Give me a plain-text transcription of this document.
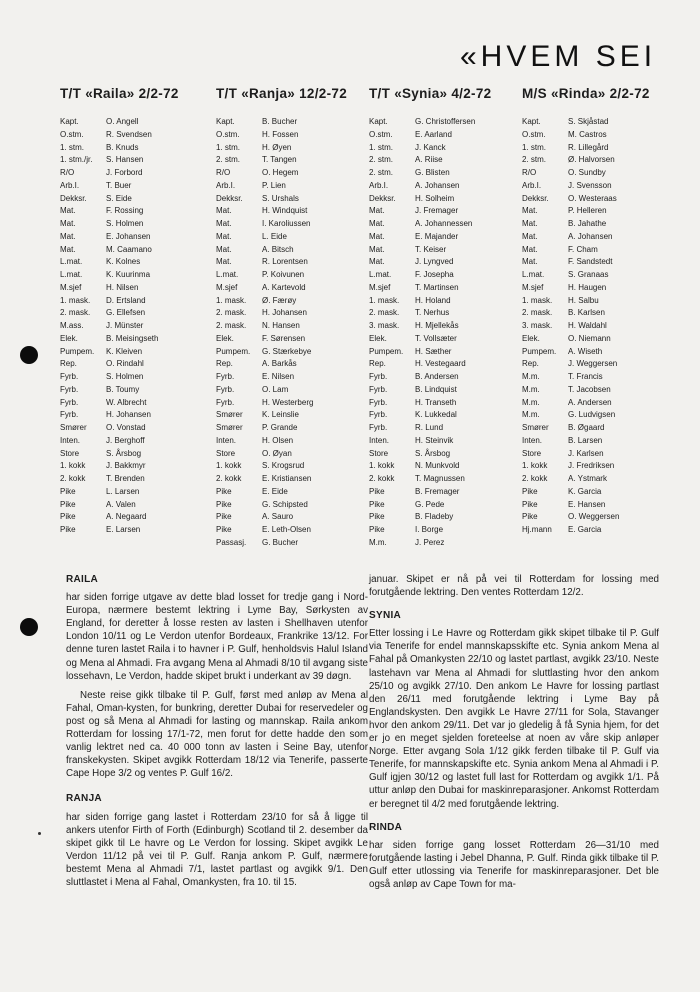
«HVEM SEI
T/T «Raila» 2/2-72
Kapt.	O. Angell
O.stm.	R. Svendsen
1. stm.	B. Knuds
1. stm./jr.	S. Hansen
R/O	J. Forbord
Arb.I.	T. Buer
Dekksr.	S. Eide
Mat.	F. Rossing
Mat.	S. Holmen
Mat.	E. Johansen
Mat.	M. Caamano
L.mat.	K. Kolnes
L.mat.	K. Kuurinma
M.sjef	H. Nilsen
1. mask.	D. Ertsland
2. mask.	G. Ellefsen
M.ass.	J. Münster
Elek.	B. Meisingseth
Pumpem.	K. Kleiven
Rep.	O. Rindahl
Fyrb.	S. Holmen
Fyrb.	B. Toumy
Fyrb.	W. Albrecht
Fyrb.	H. Johansen
Smører	O. Vonstad
Inten.	J. Berghoff
Store	S. Årsbog
1. kokk	J. Bakkmyr
2. kokk	T. Brenden
Pike	L. Larsen
Pike	A. Valen
Pike	A. Negaard
Pike	E. Larsen
T/T «Ranja» 12/2-72
Kapt.	B. Bucher
O.stm.	H. Fossen
1. stm.	H. Øyen
2. stm.	T. Tangen
R/O	O. Hegem
Arb.I.	P. Lien
Dekksr.	S. Urshals
Mat.	H. Windquist
Mat.	I. Karoliussen
Mat.	L. Eide
Mat.	A. Bitsch
Mat.	R. Lorentsen
L.mat.	P. Koivunen
M.sjef	A. Kartevold
1. mask.	Ø. Færøy
2. mask.	H. Johansen
2. mask.	N. Hansen
Elek.	F. Sørensen
Pumpem.	G. Stærkebye
Rep.	A. Barkås
Fyrb.	E. Nilsen
Fyrb.	O. Lam
Fyrb.	H. Westerberg
Smører	K. Leinslie
Smører	P. Grande
Inten.	H. Olsen
Store	O. Øyan
1. kokk	S. Krogsrud
2. kokk	E. Kristiansen
Pike	E. Eide
Pike	G. Schipsted
Pike	A. Sauro
Pike	E. Leth-Olsen
Passasj.	G. Bucher
T/T «Synia» 4/2-72
Kapt.	G. Christoffersen
O.stm.	E. Aarland
1. stm.	J. Kanck
2. stm.	A. Riise
2. stm.	G. Blisten
Arb.I.	A. Johansen
Dekksr.	H. Solheim
Mat.	J. Fremager
Mat.	A. Johannessen
Mat.	E. Majander
Mat.	T. Keiser
Mat.	J. Lyngved
L.mat.	F. Josepha
M.sjef	T. Martinsen
1. mask.	H. Holand
2. mask.	T. Nerhus
3. mask.	H. Mjellekås
Elek.	T. Vollsæter
Pumpem.	H. Sæther
Rep.	H. Vestegaard
Fyrb.	B. Andersen
Fyrb.	B. Lindquist
Fyrb.	H. Transeth
Fyrb.	K. Lukkedal
Fyrb.	R. Lund
Inten.	H. Steinvik
Store	S. Årsbog
1. kokk	N. Munkvold
2. kokk	T. Magnussen
Pike	B. Fremager
Pike	G. Pede
Pike	B. Fladeby
Pike	I. Borge
M.m.	J. Perez
M/S «Rinda» 2/2-72
Kapt.	S. Skjåstad
O.stm.	M. Castros
1. stm.	R. Lillegård
2. stm.	Ø. Halvorsen
R/O	O. Sundby
Arb.I.	J. Svensson
Dekksr.	O. Westeraas
Mat.	P. Helleren
Mat.	B. Jahathe
Mat.	A. Johansen
Mat.	F. Cham
Mat.	F. Sandstedt
L.mat.	S. Granaas
M.sjef	H. Haugen
1. mask.	H. Salbu
2. mask.	B. Karlsen
3. mask.	H. Waldahl
Elek.	O. Niemann
Pumpem.	A. Wiseth
Rep.	J. Weggersen
M.m.	T. Francis
M.m.	T. Jacobsen
M.m.	A. Andersen
M.m.	G. Ludvigsen
Smører	B. Øgaard
Inten.	B. Larsen
Store	J. Karlsen
1. kokk	J. Fredriksen
2. kokk	A. Ystmark
Pike	K. Garcia
Pike	E. Hansen
Pike	O. Weggersen
Hj.mann	E. Garcia
RAILA

har siden forrige utgave av dette blad losset for tredje gang i Nord-Europa, nærmere bestemt lektring i Lyme Bay, Sørkysten av England, for deretter å losse resten av lasten i Shellhaven utenfor London 10/11 og Le Verdon utenfor Bordeaux, Frankrike 13/12. For denne turen lastet Raila i to havner i P. Gulf, henholdsvis Halul Island og Mena al Ahmadi. Fra avgang Mena al Ahmadi 8/10 til avgang siste lossehavn, Le Verdon, hadde skipet brukt i underkant av 39 døgn.

Neste reise gikk tilbake til P. Gulf, først med anløp av Mena al Fahal, Oman-kysten, for bunkring, deretter Dubai for reservedeler og post og så Mena al Ahmadi for lasting og mannskap. Raila ankom Rotterdam for lossing 17/1-72, men forut for dette hadde den som vanlig lektret ned ca. 40 000 tonn av lasten i Seine Bay, utenfor franskekysten. Skipet avgikk Rotterdam 18/12 via Tenerife, passerte Cape Hope 3/2 og ventes P. Gulf 16/2.

RANJA

har siden forrige gang lastet i Rotterdam 23/10 for så å ligge til ankers utenfor Firth of Forth (Edinburgh) Scotland til 2. desember da skipet gikk til Le havre og Le Verdon for lossing. Skipet avgikk Le Verdon 11/12 på vei til P. Gulf. Ranja ankom P. Gulf, nærmere bestemt Mena al Ahmadi 7/1, lastet partlast og avgikk 9/1. Den sluttlastet i Mena al Fahal, Omankysten, fra 10. til 15.

januar. Skipet er nå på vei til Rotterdam for lossing med forutgående lektring. Den ventes Rotterdam 12/2.

SYNIA

Etter lossing i Le Havre og Rotterdam gikk skipet tilbake til P. Gulf via Tenerife for endel mannskapsskifte etc. Synia ankom Mena al Fahal på Omankysten 22/10 og lastet partlast, avgikk 23/10. Neste lastehavn var Mena al Ahmadi for sluttlasting hvor den ankom 25/10 og avgikk 27/10. Den ankom Le Havre for lossing partlast den 26/11 med forutgående lektring i Lyme Bay på Englandskysten. Den avgikk Le Havre 27/11 for Sola, Stavanger hvor den ankom 29/11. Det var jo gledelig å få Synia hjem, for det er jo en meget sjelden foreteelse at noen av våre skip anløper Norge. Etter avgang Sola 1/12 gikk ferden tilbake til P. Gulf via Tenerife, for mannskapskifte etc. Synia ankom Mena al Ahmadi i P. Gulf igjen 30/12 og lastet full last for Rotterdam og avgikk 1/1. På uttur anløp den Dubai for maskinreparasjoner. Ankomst Rotterdam er beregnet til 4/2 med forutgående lektring.

RINDA

har siden forrige gang losset Rotterdam 26—31/10 med forutgående lasting i Jebel Dhanna, P. Gulf. Rinda gikk tilbake til P. Gulf etter utlossing via Tenerife for maskinreparasjoner. Det ble også anløp av Cape Town for ma-
